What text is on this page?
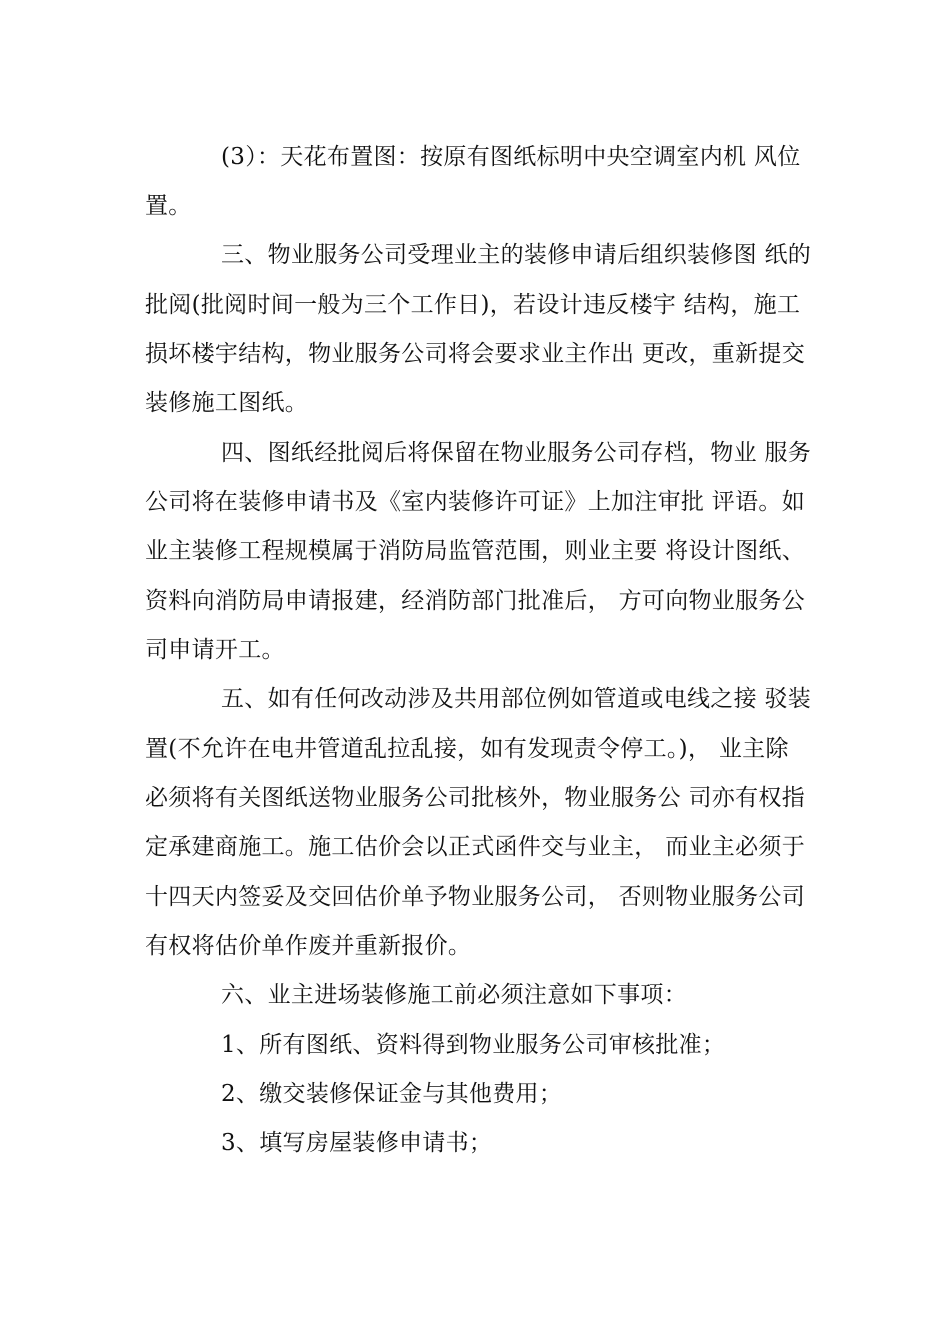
(3）：天花布置图：按原有图纸标明中央空调室内机 风位
置。
三、物业服务公司受理业主的装修申请后组织装修图 纸的
批阅(批阅时间一般为三个工作日)，若设计违反楼宇 结构，施工
损坏楼宇结构，物业服务公司将会要求业主作出 更改，重新提交
装修施工图纸。
四、图纸经批阅后将保留在物业服务公司存档，物业 服务
公司将在装修申请书及《室内装修许可证》上加注审批 评语。如
业主装修工程规模属于消防局监管范围，则业主要 将设计图纸、
资料向消防局申请报建，经消防部门批准后， 方可向物业服务公
司申请开工。
五、如有任何改动涉及共用部位例如管道或电线之接 驳装
置(不允许在电井管道乱拉乱接，如有发现责令停工。)， 业主除
必须将有关图纸送物业服务公司批核外，物业服务公 司亦有权指
定承建商施工。施工估价会以正式函件交与业主， 而业主必须于
十四天内签妥及交回估价单予物业服务公司， 否则物业服务公司
有权将估价单作废并重新报价。
六、业主进场装修施工前必须注意如下事项：
1、所有图纸、资料得到物业服务公司审核批准；
2、缴交装修保证金与其他费用；
3、填写房屋装修申请书；
